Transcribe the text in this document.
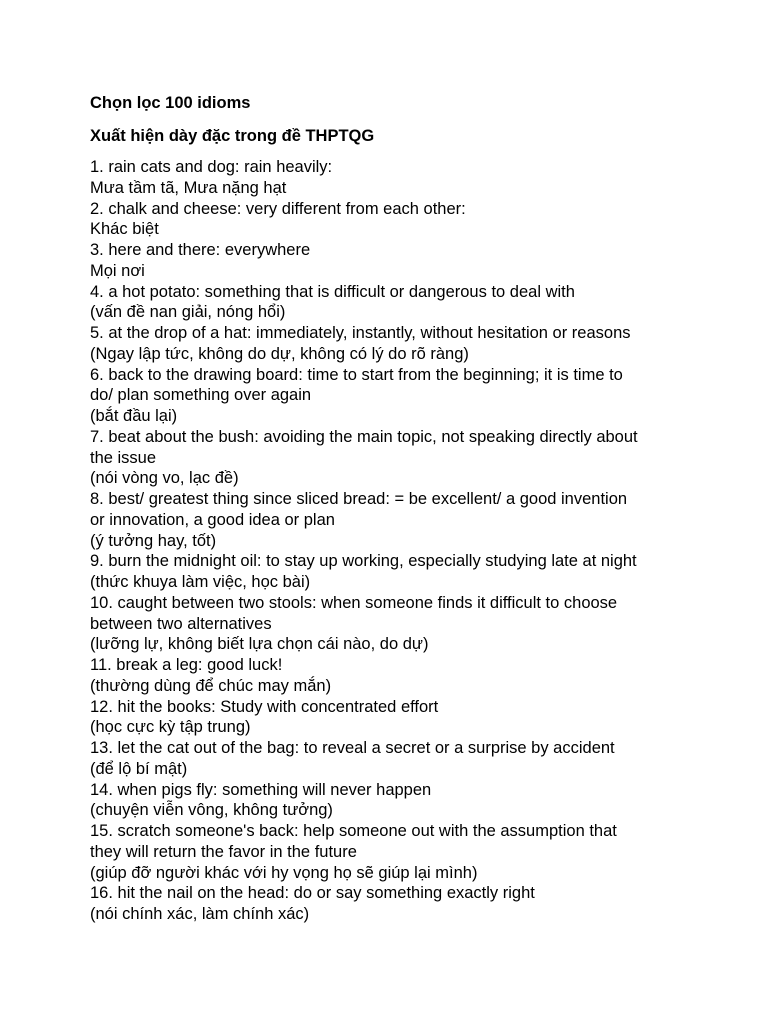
Chọn lọc 100 idioms

Xuất hiện dày đặc trong đề THPTQG

1. rain cats and dog: rain heavily:
Mưa tầm tã, Mưa nặng hạt
2. chalk and cheese: very different from each other:
Khác biệt
3. here and there: everywhere
Mọi nơi
4. a hot potato: something that is difficult or dangerous to deal with
(vấn đề nan giải, nóng hổi)
5. at the drop of a hat: immediately, instantly, without hesitation or reasons
(Ngay lập tức, không do dự, không có lý do rõ ràng)
6. back to the drawing board: time to start from the beginning; it is time to
do/ plan something over again
(bắt đầu lại)
7. beat about the bush: avoiding the main topic, not speaking directly about
the issue
(nói vòng vo, lạc đề)
8. best/ greatest thing since sliced bread: = be excellent/ a good invention
or innovation, a good idea or plan
(ý tưởng hay, tốt)
9. burn the midnight oil: to stay up working, especially studying late at night
(thức khuya làm việc, học bài)
10. caught between two stools: when someone finds it difficult to choose
between two alternatives
(lưỡng lự, không biết lựa chọn cái nào, do dự)
11. break a leg: good luck!
(thường dùng để chúc may mắn)
12. hit the books: Study with concentrated effort
(học cực kỳ tập trung)
13. let the cat out of the bag: to reveal a secret or a surprise by accident
(để lộ bí mật)
14. when pigs fly: something will never happen
(chuyện viễn vông, không tưởng)
15. scratch someone's back: help someone out with the assumption that
they will return the favor in the future
(giúp đỡ người khác với hy vọng họ sẽ giúp lại mình)
16. hit the nail on the head: do or say something exactly right
(nói chính xác, làm chính xác)
